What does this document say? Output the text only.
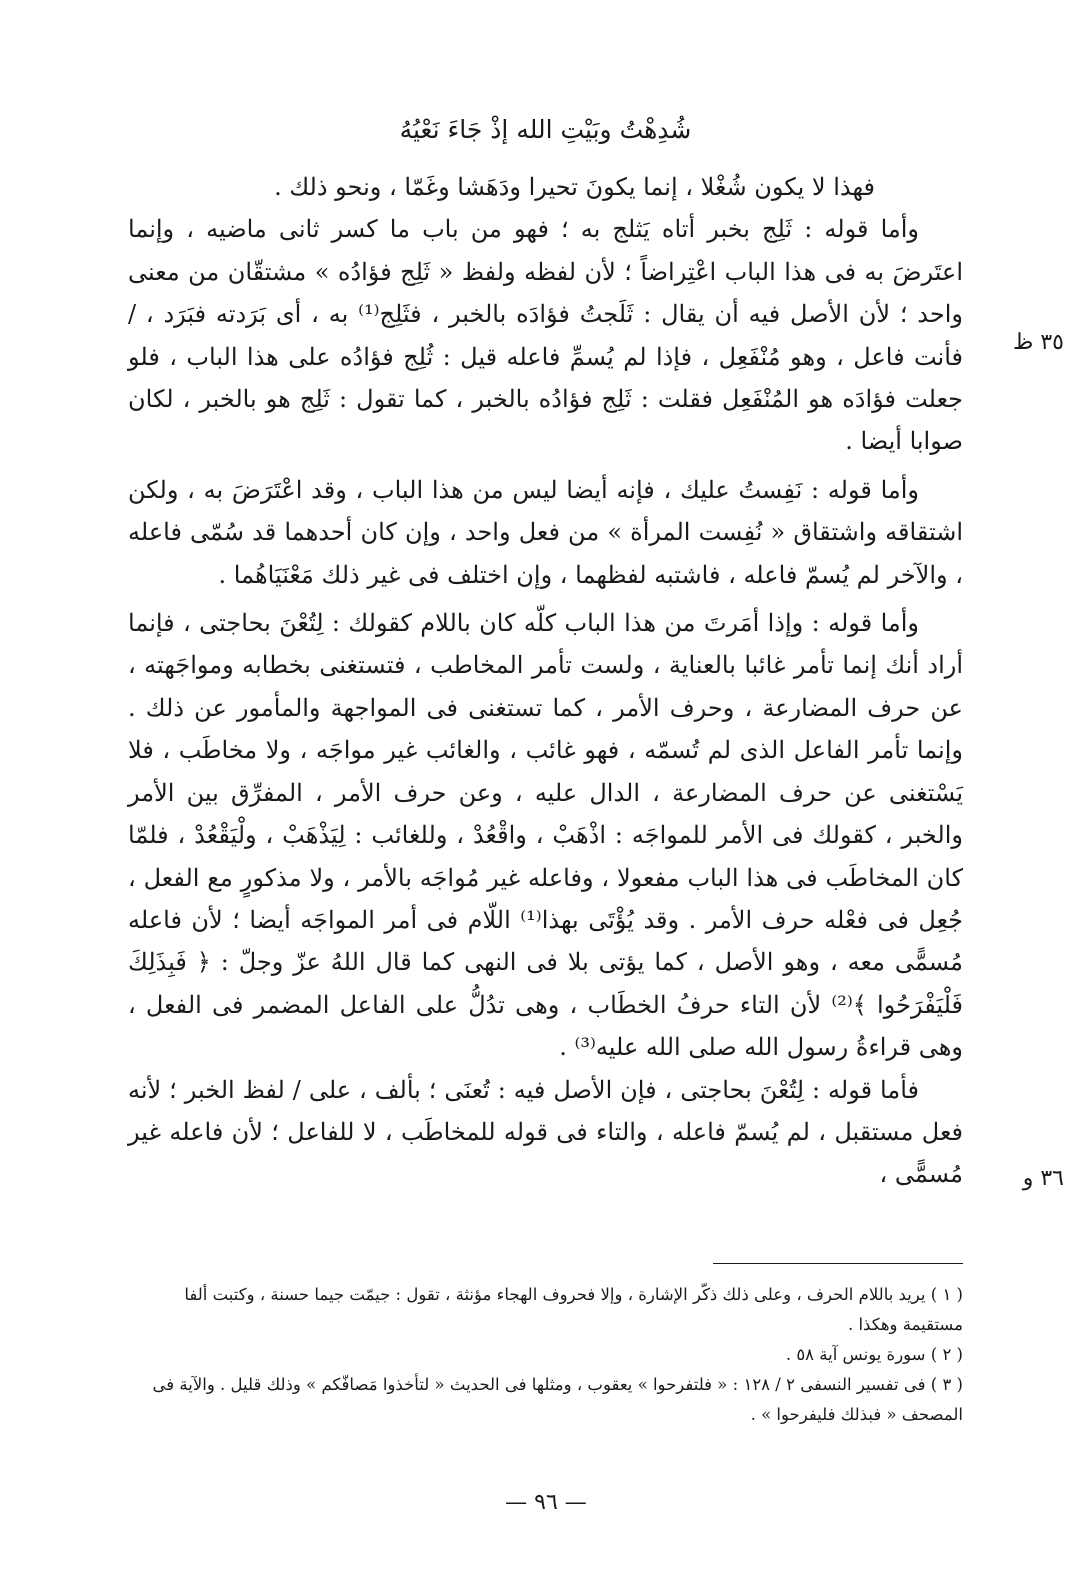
شُدِهْتُ وبَيْتِ الله إذْ جَاءَ نَعْيُهُ

فهذا لا يكون شُغْلا ، إنما يكونَ تحيرا ودَهَشا وغَمّا ، ونحو ذلك .

وأما قوله : ثَلِج بخبر أتاه يَثلج به ؛ فهو من باب ما كسر ثانى ماضيه ، وإنما اعتَرضَ به فى هذا الباب اعْتِراضاً ؛ لأن لفظه ولفظ « ثَلِج فؤادُه » مشتقّان من معنى واحد ؛ لأن الأصل فيه أن يقال : ثَلَجتُ فؤادَه بالخبر ، فثَلِج⁽¹⁾ به ، أى بَرَدته فبَرَد ، / فأنت فاعل ، وهو مُنْفَعِل ، فإذا لم يُسمِّ فاعله قيل : ثُلِج فؤادُه على هذا الباب ، فلو جعلت فؤادَه هو المُنْفَعِل فقلت : ثَلِج فؤادُه بالخبر ، كما تقول : ثَلِج هو بالخبر ، لكان صوابا أيضا .

وأما قوله : نَفِستُ عليك ، فإنه أيضا ليس من هذا الباب ، وقد اعْتَرَضَ به ، ولكن اشتقاقه واشتقاق « نُفِست المرأة » من فعل واحد ، وإن كان أحدهما قد سُمّى فاعله ، والآخر لم يُسمّ فاعله ، فاشتبه لفظهما ، وإن اختلف فى غير ذلك مَعْنَيَاهُما .

وأما قوله : وإذا أمَرتَ من هذا الباب كلّه كان باللام كقولك : لِتُعْنَ بحاجتى ، فإنما أراد أنك إنما تأمر غائبا بالعناية ، ولست تأمر المخاطب ، فتستغنى بخطابه ومواجَهته ، عن حرف المضارعة ، وحرف الأمر ، كما تستغنى فى المواجهة والمأمور عن ذلك . وإنما تأمر الفاعل الذى لم تُسمّه ، فهو غائب ، والغائب غير مواجَه ، ولا مخاطَب ، فلا يَسْتغنى عن حرف المضارعة ، الدال عليه ، وعن حرف الأمر ، المفرِّق بين الأمر والخبر ، كقولك فى الأمر للمواجَه : اذْهَبْ ، واقْعُدْ ، وللغائب : لِيَذْهَبْ ، ولْيَقْعُدْ ، فلمّا كان المخاطَب فى هذا الباب مفعولا ، وفاعله غير مُواجَه بالأمر ، ولا مذكورٍ مع الفعل ، جُعِل فى فعْله حرف الأمر . وقد يُؤْتَى بهذا⁽¹⁾ اللّام فى أمر المواجَه أيضا ؛ لأن فاعله مُسمًّى معه ، وهو الأصل ، كما يؤتى بلا فى النهى كما قال اللهُ عزّ وجلّ : ﴿ فَبِذَلِكَ فَلْيَفْرَحُوا ﴾⁽²⁾ لأن التاء حرفُ الخطَاب ، وهى تدُلُّ على الفاعل المضمر فى الفعل ، وهى قراءةُ رسول الله صلى الله عليه⁽³⁾ .

فأما قوله : لِتُعْنَ بحاجتى ، فإن الأصل فيه : تُعنَى ؛ بألف ، على / لفظ الخبر ؛ لأنه فعل مستقبل ، لم يُسمّ فاعله ، والتاء فى قوله للمخاطَب ، لا للفاعل ؛ لأن فاعله غير مُسمًّى ،

٣٥ ظ
٣٦ و

( ١ ) يريد باللام الحرف ، وعلى ذلك ذكّر الإشارة ، وإلا فحروف الهجاء مؤنثة ، تقول : جيمّت جيما حسنة ، وكتبت ألفا مستقيمة وهكذا .

( ٢ ) سورة يونس آية ٥٨ .

( ٣ ) فى تفسير النسفى ٢ / ١٢٨ : « فلتفرحوا » يعقوب ، ومثلها فى الحديث « لتأخذوا مَصافّكم » وذلك قليل . والآية فى المصحف « فبذلك فليفرحوا » .

— ٩٦ —
